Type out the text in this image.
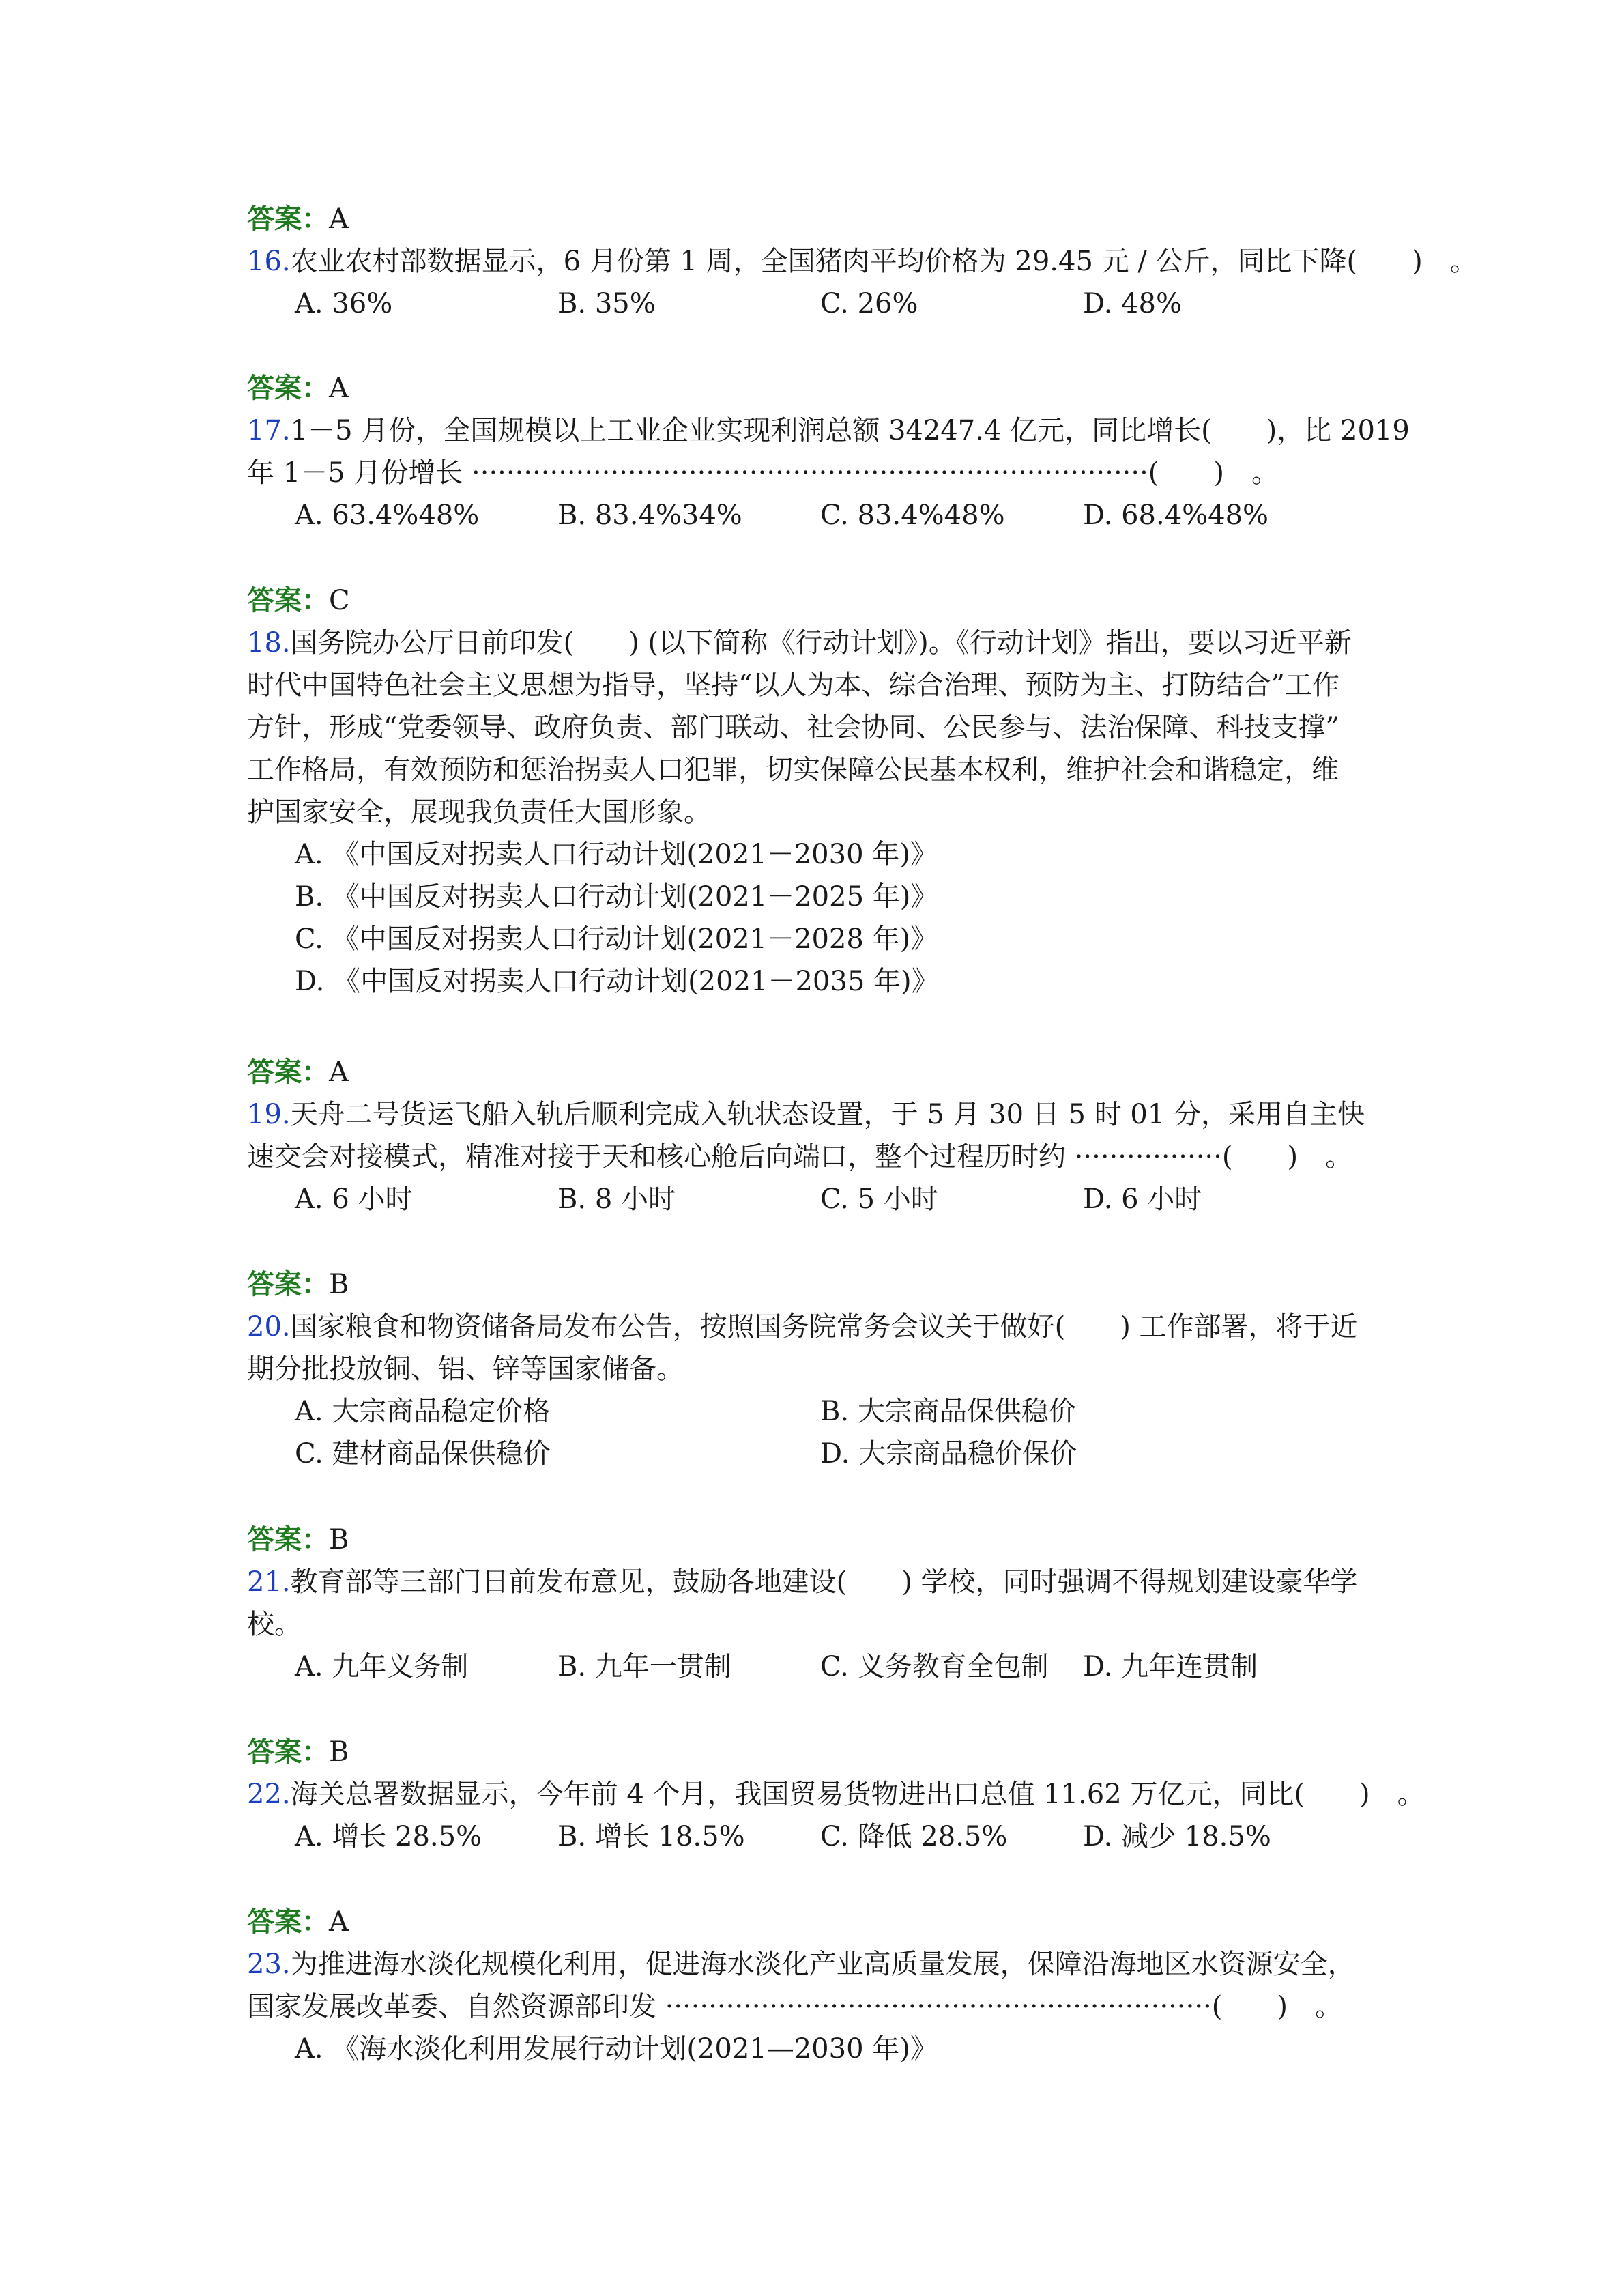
答案：A
16.农业农村部数据显示，6 月份第 1 周，全国猪肉平均价格为 29.45 元 / 公斤，同比下降(　　)　。
A. 36%	B. 35%	C. 26%	D. 48%
答案：A
17.1－5 月份，全国规模以上工业企业实现利润总额 34247.4 亿元，同比增长(　　)，比 2019
年 1－5 月份增长 ··············································································(　　)　。
A. 63.4%48%	B. 83.4%34%	C. 83.4%48%	D. 68.4%48%
答案：C
18.国务院办公厅日前印发(　　) (以下简称《行动计划》)。《行动计划》指出，要以习近平新
时代中国特色社会主义思想为指导，坚持“以人为本、综合治理、预防为主、打防结合”工作
方针，形成“党委领导、政府负责、部门联动、社会协同、公民参与、法治保障、科技支撑”
工作格局，有效预防和惩治拐卖人口犯罪，切实保障公民基本权利，维护社会和谐稳定，维
护国家安全，展现我负责任大国形象。
A. 《中国反对拐卖人口行动计划(2021－2030 年)》
B. 《中国反对拐卖人口行动计划(2021－2025 年)》
C. 《中国反对拐卖人口行动计划(2021－2028 年)》
D. 《中国反对拐卖人口行动计划(2021－2035 年)》
答案：A
19.天舟二号货运飞船入轨后顺利完成入轨状态设置，于 5 月 30 日 5 时 01 分，采用自主快
速交会对接模式，精准对接于天和核心舱后向端口，整个过程历时约 ·················(　　)　。
A. 6 小时	B. 8 小时	C. 5 小时	D. 6 小时
答案：B
20.国家粮食和物资储备局发布公告，按照国务院常务会议关于做好(　　) 工作部署，将于近
期分批投放铜、铝、锌等国家储备。
A. 大宗商品稳定价格	B. 大宗商品保供稳价
C. 建材商品保供稳价	D. 大宗商品稳价保价
答案：B
21.教育部等三部门日前发布意见，鼓励各地建设(　　) 学校，同时强调不得规划建设豪华学
校。
A. 九年义务制	B. 九年一贯制	C. 义务教育全包制 D. 九年连贯制
答案：B
22.海关总署数据显示，今年前 4 个月，我国贸易货物进出口总值 11.62 万亿元，同比(　　)　。
A. 增长 28.5%	B. 增长 18.5%	C. 降低 28.5%	D. 减少 18.5%
答案：A
23.为推进海水淡化规模化利用，促进海水淡化产业高质量发展，保障沿海地区水资源安全，
国家发展改革委、自然资源部印发 ·······························································(　　)　。
A. 《海水淡化利用发展行动计划(2021—2030 年)》
